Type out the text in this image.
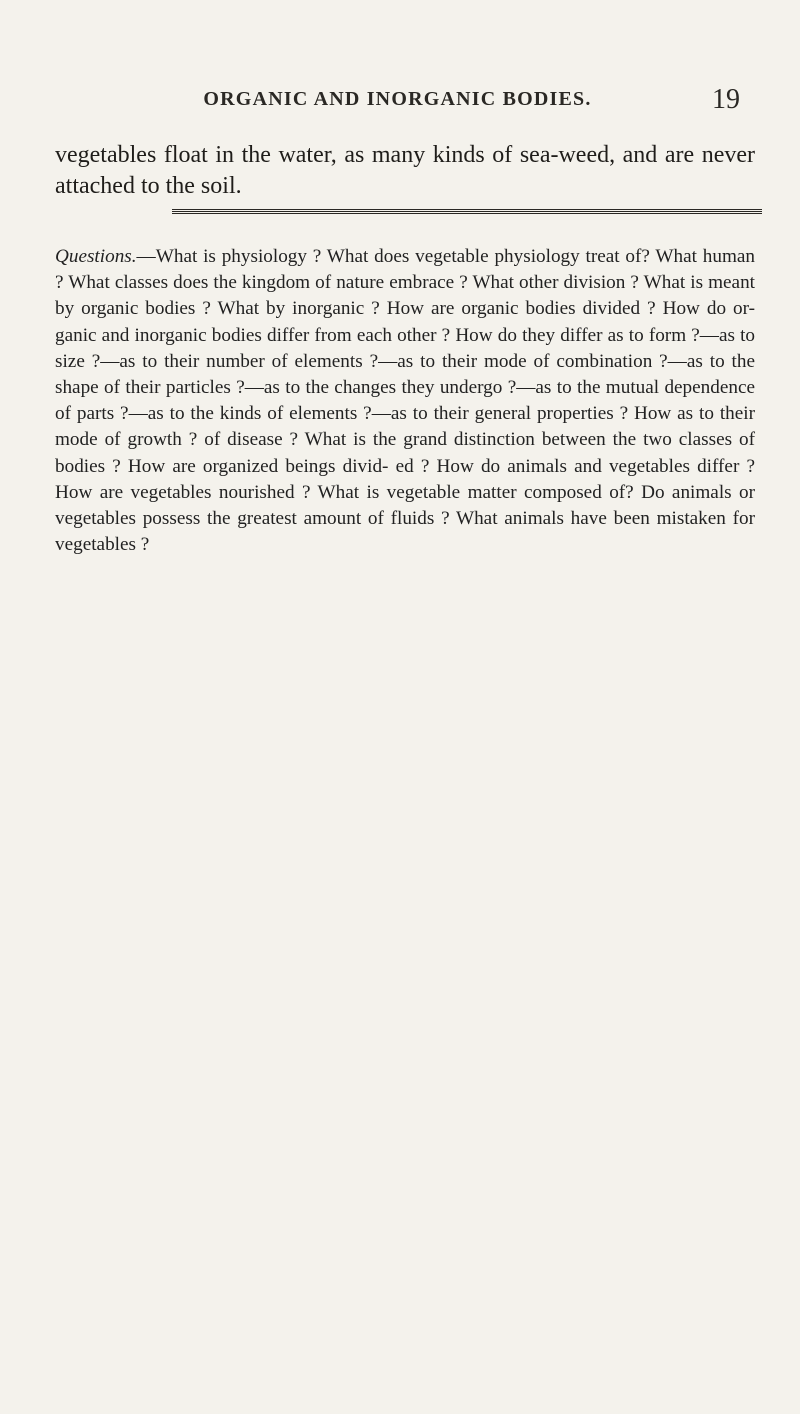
ORGANIC AND INORGANIC BODIES.	19

vegetables float in the water, as many kinds of sea-weed, and are never attached to the soil.

Questions.—What is physiology ? What does vegetable physiology treat of? What human ? What classes does the kingdom of nature embrace ? What other division ? What is meant by organic bodies ? What by inorganic ? How are organic bodies divided ? How do or- ganic and inorganic bodies differ from each other ? How do they differ as to form ?—as to size ?—as to their number of elements ?—as to their mode of combination ?—as to the shape of their particles ?—as to the changes they undergo ?—as to the mutual dependence of parts ?—as to the kinds of elements ?—as to their general properties ? How as to their mode of growth ? of disease ? What is the grand distinction between the two classes of bodies ? How are organized beings divid- ed ? How do animals and vegetables differ ? How are vegetables nourished ? What is vegetable matter composed of? Do animals or vegetables possess the greatest amount of fluids ? What animals have been mistaken for vegetables ?
